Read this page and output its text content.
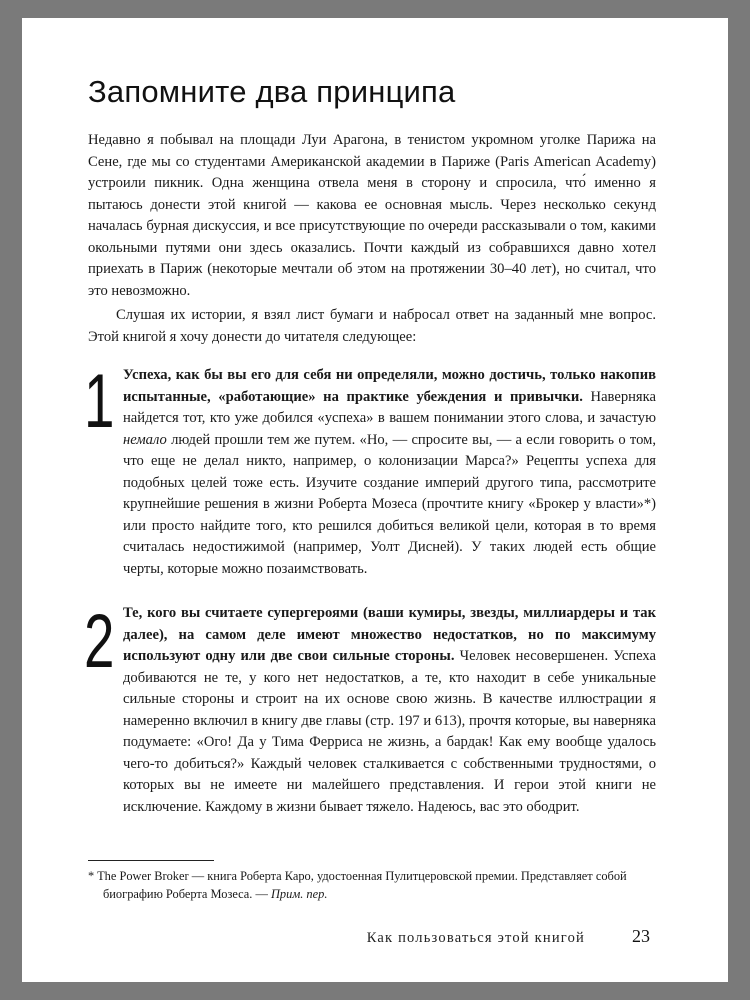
Запомните два принципа

Недавно я побывал на площади Луи Арагона, в тенистом укромном уголке Парижа на Сене, где мы со студентами Американской академии в Париже (Paris American Academy) устроили пикник. Одна женщина отвела меня в сторону и спросила, что́ именно я пытаюсь донести этой книгой — какова ее основная мысль. Через несколько секунд началась бурная дискуссия, и все присутствующие по очереди рассказывали о том, какими окольными путями они здесь оказались. Почти каждый из собравшихся давно хотел приехать в Париж (некоторые мечтали об этом на протяжении 30–40 лет), но считал, что это невозможно.

Слушая их истории, я взял лист бумаги и набросал ответ на заданный мне вопрос. Этой книгой я хочу донести до читателя следующее:

1 Успеха, как бы вы его для себя ни определяли, можно достичь, только накопив испытанные, «работающие» на практике убеждения и привычки. Наверняка найдется тот, кто уже добился «успеха» в вашем понимании этого слова, и зачастую немало людей прошли тем же путем. «Но, — спросите вы, — а если говорить о том, что еще не делал никто, например, о колонизации Марса?» Рецепты успеха для подобных целей тоже есть. Изучите создание империй другого типа, рассмотрите крупнейшие решения в жизни Роберта Мозеса (прочтите книгу «Брокер у власти»*) или просто найдите того, кто решился добиться великой цели, которая в то время считалась недостижимой (например, Уолт Дисней). У таких людей есть общие черты, которые можно позаимствовать.

2 Те, кого вы считаете супергероями (ваши кумиры, звезды, миллиардеры и так далее), на самом деле имеют множество недостатков, но по максимуму используют одну или две свои сильные стороны. Человек несовершенен. Успеха добиваются не те, у кого нет недостатков, а те, кто находит в себе уникальные сильные стороны и строит на их основе свою жизнь. В качестве иллюстрации я намеренно включил в книгу две главы (стр. 197 и 613), прочтя которые, вы наверняка подумаете: «Ого! Да у Тима Ферриса не жизнь, а бардак! Как ему вообще удалось чего-то добиться?» Каждый человек сталкивается с собственными трудностями, о которых вы не имеете ни малейшего представления. И герои этой книги не исключение. Каждому в жизни бывает тяжело. Надеюсь, вас это ободрит.

* The Power Broker — книга Роберта Каро, удостоенная Пулитцеровской премии. Представляет собой биографию Роберта Мозеса. — Прим. пер.

Как пользоваться этой книгой	23
